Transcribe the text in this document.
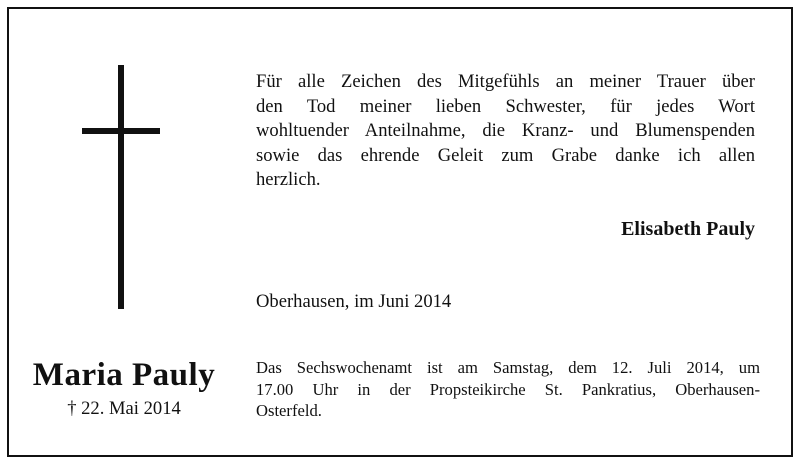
Für alle Zeichen des Mitgefühls an meiner Trauer über
den Tod meiner lieben Schwester, für jedes Wort
wohltuender Anteilnahme, die Kranz- und Blumenspenden
sowie das ehrende Geleit zum Grabe danke ich allen
herzlich.

Elisabeth Pauly

Oberhausen, im Juni 2014

Maria Pauly
† 22. Mai 2014

Das Sechswochenamt ist am Samstag, dem 12. Juli 2014, um
17.00 Uhr in der Propsteikirche St. Pankratius, Oberhausen-
Osterfeld.
